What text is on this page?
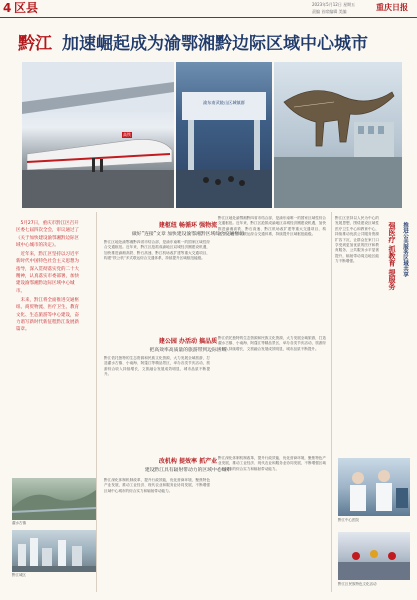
4 区县	2023年5月12日 星期五
责编 首席编辑 美编	重庆日报
黔江 加速崛起成为渝鄂湘黔边际区域中心城市
高铁
渝东南武陵山区城镇群

5月27日，重庆市黔江区召开区委七届四次全会，审议通过了《关于加快建设渝鄂湘黔边际区域中心城市的决定》。

近年来，黔江区坚持以习近平新时代中国特色社会主义思想为指导，深入贯彻落实党的二十大精神，认真落实市委部署，加快建设渝鄂湘黔边际区域中心城市。

未来，黔江将全面推进交通枢纽、商贸物流、医疗卫生、教育文化、生态旅游等中心建设，奋力谱写新时代新征程黔江发展新篇章。

濯水古镇
黔江城区
建枢纽 畅循环 强物流
做好“连接”文章 加快建设渝鄂湘黔区域综合交通枢纽
黔江区地处渝鄂湘黔四省市结合部，是渝东南唯一的国家区域性综合交通枢纽。近年来，黔江区抢抓成渝地区双城经济圈建设机遇，加快推进渝湘高铁、黔石高速、黔江机场改扩建等重大交通项目，构建“铁公机”多式联运综合交通体系，持续提升区域枢纽能级。
黔江区地处渝鄂湘黔四省市结合部，是渝东南唯一的国家区域性综合交通枢纽。近年来，黔江区抢抓成渝地区双城经济圈建设机遇，加快推进渝湘高铁、黔石高速、黔江机场改扩建等重大交通项目，构建“铁公机”多式联运综合交通体系，持续提升区域枢纽能级。
建公园 办活动 搞品质
把高效率高质量的旅游带到边际区域
黔江依托独特的生态资源和民族文化资源，大力发展全域旅游，打造濯水古镇、小南海、阿蓬江等精品景区，举办各类节庆活动，旅游综合收入持续增长，文旅融合发展成效明显，城市品质不断提升。
黔江依托独特的生态资源和民族文化资源，大力发展全域旅游，打造濯水古镇、小南海、阿蓬江等精品景区，举办各类节庆活动，旅游综合收入持续增长，文旅融合发展成效明显，城市品质不断提升。
改机构 提效率 抓产业
建设黔江具有辐射带动力的区域中心城市
黔江深化体制机制改革，提升行政效能，优化营商环境，聚焦特色产业发展，推动工业经济、现代农业和服务业协同发展，不断增强区域中心城市的综合实力和辐射带动能力。
黔江深化体制机制改革，提升行政效能，优化营商环境，聚焦特色产业发展，推动工业经济、现代农业和服务业协同发展，不断增强区域中心城市的综合实力和辐射带动能力。
黔江区坚持以人民为中心的发展思想，围绕建设区域性医疗卫生中心和教育中心，持续推动优质公共服务资源扩容下沉，让群众在家门口享受到更加优质的医疗和教育服务，公共服务水平显著提升，辐射带动周边地区能力不断增强。	强医疗 抓教育 提服务	推进公共服务区域共享
黔江中心医院
黔江区民族特色文化活动
